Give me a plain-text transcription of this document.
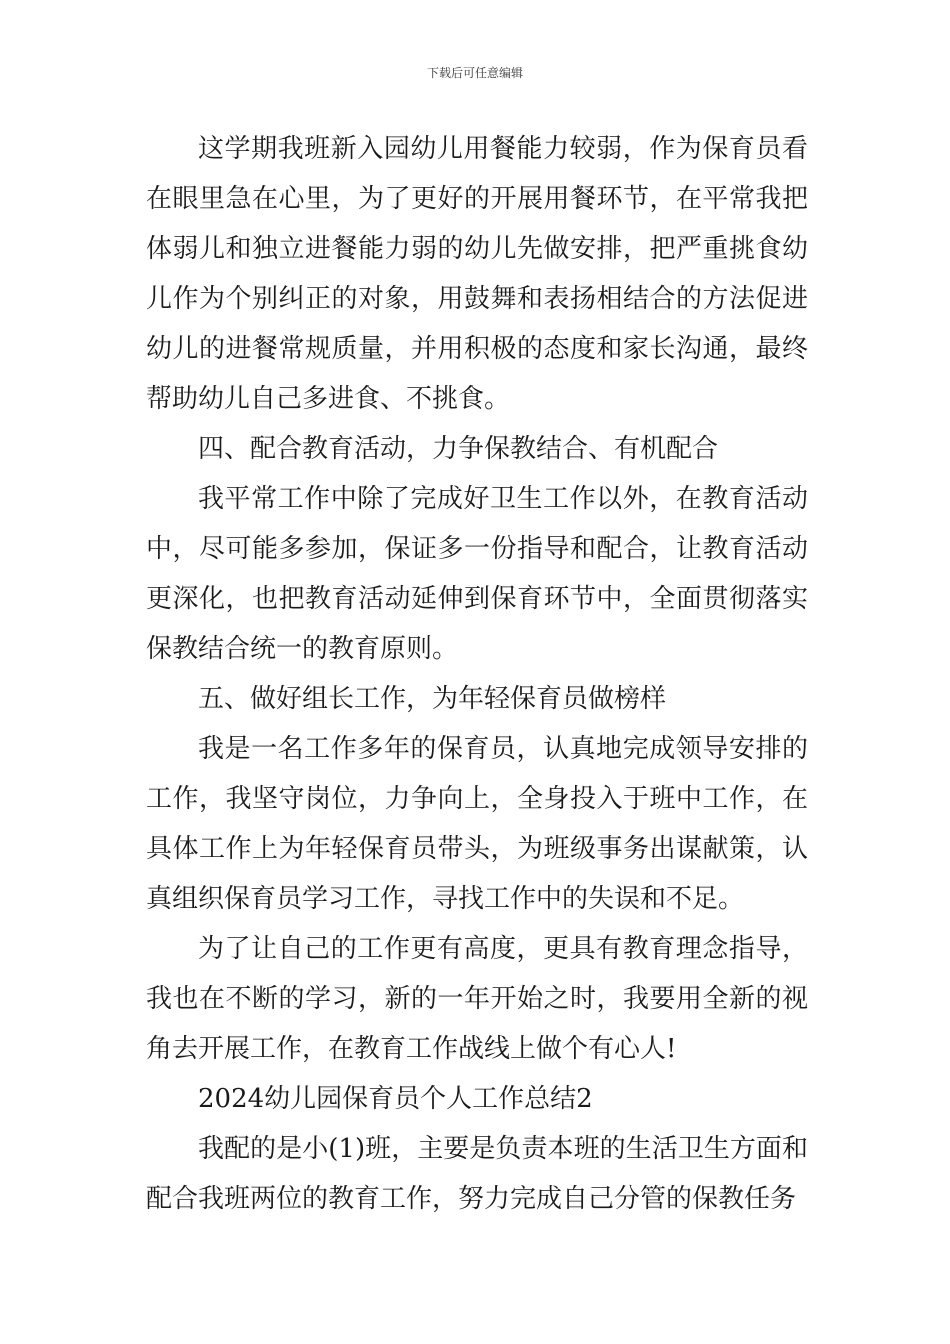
下载后可任意编辑

这学期我班新入园幼儿用餐能力较弱，作为保育员看在眼里急在心里，为了更好的开展用餐环节，在平常我把体弱儿和独立进餐能力弱的幼儿先做安排，把严重挑食幼儿作为个别纠正的对象，用鼓舞和表扬相结合的方法促进幼儿的进餐常规质量，并用积极的态度和家长沟通，最终帮助幼儿自己多进食、不挑食。

四、配合教育活动，力争保教结合、有机配合

我平常工作中除了完成好卫生工作以外，在教育活动中，尽可能多参加，保证多一份指导和配合，让教育活动更深化，也把教育活动延伸到保育环节中，全面贯彻落实保教结合统一的教育原则。

五、做好组长工作，为年轻保育员做榜样

我是一名工作多年的保育员，认真地完成领导安排的工作，我坚守岗位，力争向上，全身投入于班中工作，在具体工作上为年轻保育员带头，为班级事务出谋献策，认真组织保育员学习工作，寻找工作中的失误和不足。

为了让自己的工作更有高度，更具有教育理念指导，我也在不断的学习，新的一年开始之时，我要用全新的视角去开展工作，在教育工作战线上做个有心人!

2024幼儿园保育员个人工作总结2

我配的是小(1)班，主要是负责本班的生活卫生方面和配合我班两位的教育工作，努力完成自己分管的保教任务
